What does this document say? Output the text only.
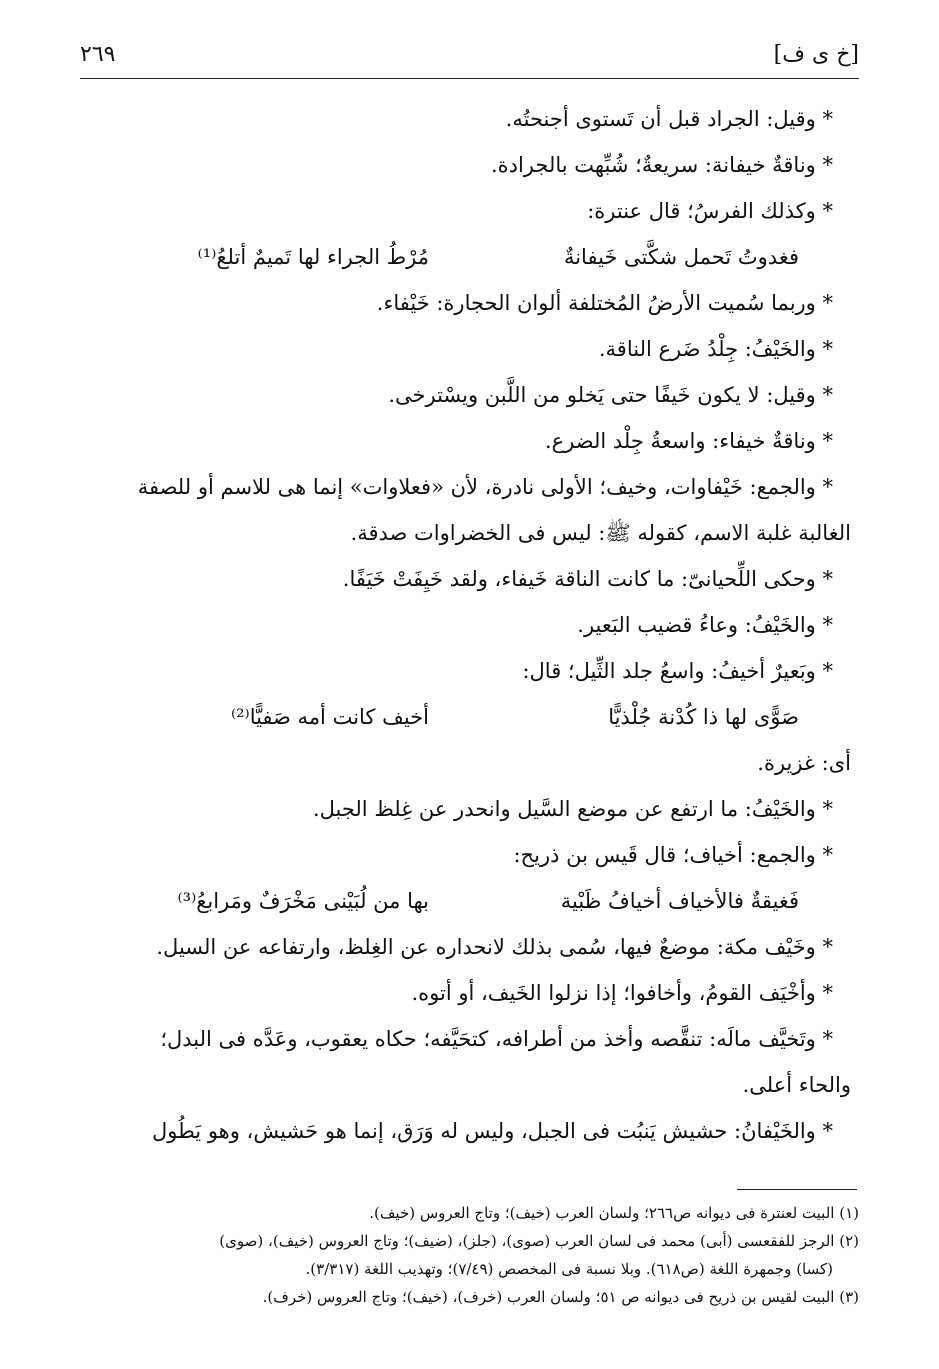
[خ ى ف]
٢٦٩
* وقيل: الجراد قبل أن تَستوى أجنحتُه.
* وناقةٌ خيفانة: سريعةٌ؛ شُبِّهت بالجرادة.
* وكذلك الفرسُ؛ قال عنترة:
فغدوتُ تَحمل شكَّتى خَيفانةٌ
مُرْطُ الجراء لها تَميمٌ أتلعُ⁽¹⁾
* وربما سُميت الأرضُ المُختلفة ألوان الحجارة: خَيْفاء.
* والخَيْفُ: جِلْدُ ضَرع الناقة.
* وقيل: لا يكون خَيفًا حتى يَخلو من اللَّبن ويسْترخى.
* وناقةٌ خيفاء: واسعةُ جِلْد الضرع.
* والجمع: خَيْفاوات، وخيف؛ الأولى نادرة، لأن «فعلاوات» إنما هى للاسم أو للصفة
الغالبة غلبة الاسم، كقوله ﷺ: ليس فى الخضراوات صدقة.
* وحكى اللِّحيانىّ: ما كانت الناقة خَيفاء، ولقد خَيِفَتْ خَيَفًا.
* والخَيْفُ: وعاءُ قضيب البَعير.
* وبَعيرٌ أخيفُ: واسعُ جلد الثِّيل؛ قال:
صَوًّى لها ذا كُدْنة جُلْذيًّا
أخيف كانت أمه صَفيًّا⁽²⁾
أى: غزيرة.
* والخَيْفُ: ما ارتفع عن موضع السَّيل وانحدر عن غِلظ الجبل.
* والجمع: أخياف؛ قال قَيس بن ذريح:
فَغيقةٌ فالأخياف أخيافُ ظَبْية
بها من لُبَيْنى مَخْرَفٌ ومَرابعُ⁽³⁾
* وخَيْف مكة: موضعٌ فيها، سُمى بذلك لانحداره عن الغِلظ، وارتفاعه عن السيل.
* وأخْيَف القومُ، وأخافوا؛ إذا نزلوا الخَيف، أو أتوه.
* وتَخيَّف مالَه: تنقَّصه وأخذ من أطرافه، كتحَيَّفه؛ حكاه يعقوب، وعَدَّه فى البدل؛
والحاء أعلى.
* والخَيْفانُ: حشيش يَنبُت فى الجبل، وليس له وَرَق، إنما هو حَشيش، وهو يَطُول
(١) البيت لعنترة فى ديوانه ص٢٦٦؛ ولسان العرب (خيف)؛ وتاج العروس (خيف).
(٢) الرجز للفقعسى (أبى) محمد فى لسان العرب (صوى)، (جلز)، (ضيف)؛ وتاج العروس (خيف)، (صوى)
(كسا) وجمهرة اللغة (ص٦١٨). وبلا نسبة فى المخصص (٧/٤٩)؛ وتهذيب اللغة (٣/٣١٧).
(٣) البيت لقيس بن ذريح فى ديوانه ص ٥١؛ ولسان العرب (خرف)، (خيف)؛ وتاج العروس (خرف).
